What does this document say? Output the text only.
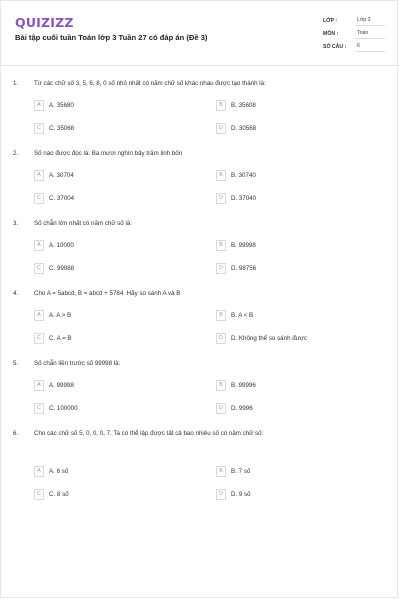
QUIZIZZ
Bài tập cuối tuần Toán lớp 3 Tuần 27 có đáp án (Đề 3)
LỚP :	Lớp 3
MÔN :	Toán
SỐ CÂU :	6
1.	Từ các chữ số 3, 5, 6, 8, 0 số nhỏ nhất có năm chữ số khác nhau được tạo thành là:
A	A. 35680	B	B. 35608
C	C. 35068	D	D. 30568
2.	Số nào được đọc là: Ba mươi nghìn bảy trăm linh bốn
A	A. 30704	B	B. 30740
C	C. 37004	D	D. 37040
3.	Số chẵn lớn nhất có năm chữ số là:
A	A. 10000	B	B. 99998
C	C. 99988	D	D. 98756
4.	Cho A = 5abcd, B = abcd + 5784. Hãy so sánh A và B
A	A. A > B	B	B. A < B
C	C. A = B	D	D. Không thể so sánh được
5.	Số chẵn liền trước số 99998 là:
A	A. 99998	B	B. 99996
C	C. 100000	D	D. 9996
6.	Cho các chữ số 5, 0, 0, 0, 7. Ta có thể lập được tất cả bao nhiêu số có năm chữ số:
A	A. 6 số	B	B. 7 số
C	C. 8 số	D	D. 9 số
